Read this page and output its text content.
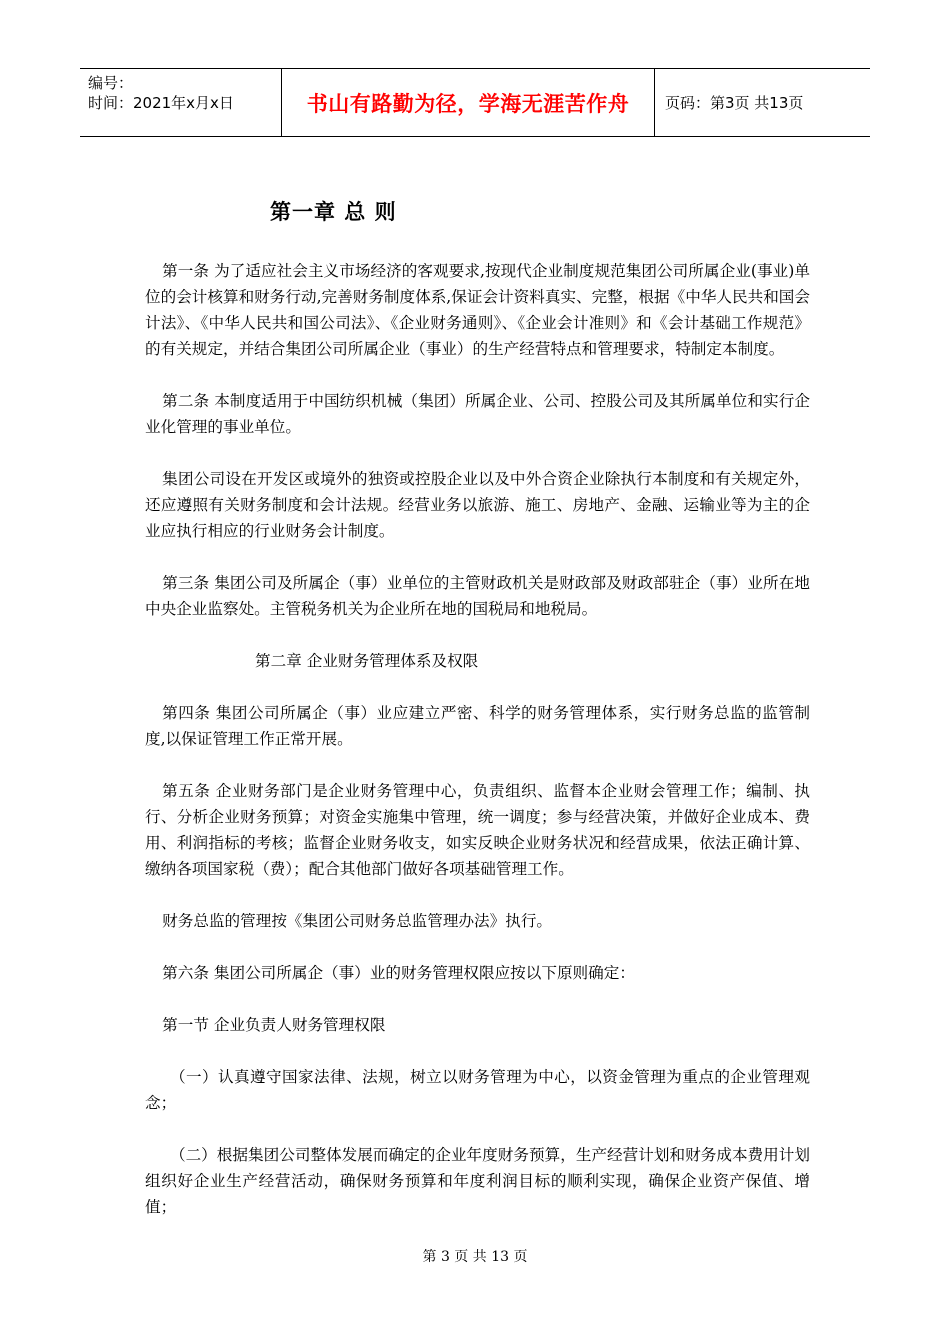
编号：
时间：2021年x月x日	书山有路勤为径，学海无涯苦作舟	页码：第3页 共13页
第一章 总 则

第一条 为了适应社会主义市场经济的客观要求,按现代企业制度规范集团公司所属企业(事业)单位的会计核算和财务行动,完善财务制度体系,保证会计资料真实、完整，根据《中华人民共和国会计法》、《中华人民共和国公司法》、《企业财务通则》、《企业会计准则》和《会计基础工作规范》的有关规定，并结合集团公司所属企业（事业）的生产经营特点和管理要求，特制定本制度。

第二条 本制度适用于中国纺织机械（集团）所属企业、公司、控股公司及其所属单位和实行企业化管理的事业单位。

集团公司设在开发区或境外的独资或控股企业以及中外合资企业除执行本制度和有关规定外，还应遵照有关财务制度和会计法规。经营业务以旅游、施工、房地产、金融、运输业等为主的企业应执行相应的行业财务会计制度。

第三条 集团公司及所属企（事）业单位的主管财政机关是财政部及财政部驻企（事）业所在地中央企业监察处。主管税务机关为企业所在地的国税局和地税局。

第二章 企业财务管理体系及权限

第四条 集团公司所属企（事）业应建立严密、科学的财务管理体系，实行财务总监的监管制度,以保证管理工作正常开展。

第五条 企业财务部门是企业财务管理中心，负责组织、监督本企业财会管理工作；编制、执行、分析企业财务预算；对资金实施集中管理，统一调度；参与经营决策，并做好企业成本、费用、利润指标的考核；监督企业财务收支，如实反映企业财务状况和经营成果，依法正确计算、缴纳各项国家税（费）；配合其他部门做好各项基础管理工作。

财务总监的管理按《集团公司财务总监管理办法》执行。

第六条 集团公司所属企（事）业的财务管理权限应按以下原则确定：

第一节 企业负责人财务管理权限

（一）认真遵守国家法律、法规，树立以财务管理为中心，以资金管理为重点的企业管理观念；

（二）根据集团公司整体发展而确定的企业年度财务预算，生产经营计划和财务成本费用计划组织好企业生产经营活动，确保财务预算和年度利润目标的顺利实现，确保企业资产保值、增值；

第 3 页 共 13 页
